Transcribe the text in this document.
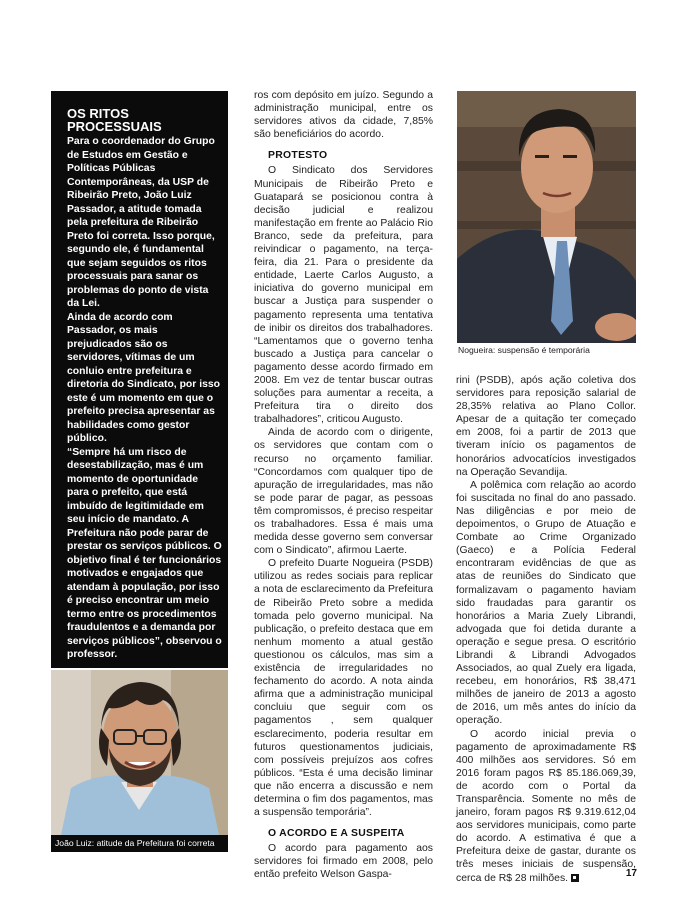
OS RITOS PROCESSUAIS

Para o coordenador do Grupo de Estudos em Gestão e Políticas Públicas Contemporâneas, da USP de Ribeirão Preto, João Luiz Passador, a atitude tomada pela prefeitura de Ribeirão Preto foi correta. Isso porque, segundo ele, é fundamental que sejam seguidos os ritos processuais para sanar os problemas do ponto de vista da Lei.

Ainda de acordo com Passador, os mais prejudicados são os servidores, vítimas de um conluio entre prefeitura e diretoria do Sindicato, por isso este é um momento em que o prefeito precisa apresentar as habilidades como gestor público.

“Sempre há um risco de desestabilização, mas é um momento de oportunidade para o prefeito, que está imbuído de legitimidade em seu início de mandato. A Prefeitura não pode parar de prestar os serviços públicos. O objetivo final é ter funcionários motivados e engajados que atendam à população, por isso é preciso encontrar um meio termo entre os procedimentos fraudulentos e a demanda por serviços públicos”, observou o professor.

João Luiz: atitude da Prefeitura foi correta

ros com depósito em juízo. Segundo a administração municipal, entre os servidores ativos da cidade, 7,85% são beneficiários do acordo.

PROTESTO

O Sindicato dos Servidores Municipais de Ribeirão Preto e Guatapará se posicionou contra à decisão judicial e realizou manifestação em frente ao Palácio Rio Branco, sede da prefeitura, para reivindicar o pagamento, na terça-feira, dia 21. Para o presidente da entidade, Laerte Carlos Augusto, a iniciativa do governo municipal em buscar a Justiça para suspender o pagamento representa uma tentativa de inibir os direitos dos trabalhadores. “Lamentamos que o governo tenha buscado a Justiça para cancelar o pagamento desse acordo firmado em 2008. Em vez de tentar buscar outras soluções para aumentar a receita, a Prefeitura tira o direito dos trabalhadores”, criticou Augusto.

Ainda de acordo com o dirigente, os servidores que contam com o recurso no orçamento familiar. “Concordamos com qualquer tipo de apuração de irregularidades, mas não se pode parar de pagar, as pessoas têm compromissos, é preciso respeitar os trabalhadores. Essa é mais uma medida desse governo sem conversar com o Sindicato”, afirmou Laerte.

O prefeito Duarte Nogueira (PSDB) utilizou as redes sociais para replicar a nota de esclarecimento da Prefeitura de Ribeirão Preto sobre a medida tomada pelo governo municipal. Na publicação, o prefeito destaca que em nenhum momento a atual gestão questionou os cálculos, mas sim a existência de irregularidades no fechamento do acordo. A nota ainda afirma que a administração municipal concluiu que seguir com os pagamentos , sem qualquer esclarecimento, poderia resultar em futuros questionamentos judiciais, com possíveis prejuízos aos cofres públicos. “Esta é uma decisão liminar que não encerra a discussão e nem determina o fim dos pagamentos, mas a suspensão temporária”.

O ACORDO E A SUSPEITA

O acordo para pagamento aos servidores foi firmado em 2008, pelo então prefeito Welson Gaspa-

Nogueira: suspensão é temporária

rini (PSDB), após ação coletiva dos servidores para reposição salarial de 28,35% relativa ao Plano Collor. Apesar de a quitação ter começado em 2008, foi a partir de 2013 que tiveram início os pagamentos de honorários advocatícios investigados na Operação Sevandija.

A polêmica com relação ao acordo foi suscitada no final do ano passado. Nas diligências e por meio de depoimentos, o Grupo de Atuação e Combate ao Crime Organizado (Gaeco) e a Polícia Federal encontraram evidências de que as atas de reuniões do Sindicato que formalizavam o pagamento haviam sido fraudadas para garantir os honorários a Maria Zuely Librandi, advogada que foi detida durante a operação e segue presa. O escritório Librandi & Librandi Advogados Associados, ao qual Zuely era ligada, recebeu, em honorários, R$ 38,471 milhões de janeiro de 2013 a agosto de 2016, um mês antes do início da operação.

O acordo inicial previa o pagamento de aproximadamente R$ 400 milhões aos servidores. Só em 2016 foram pagos R$ 85.186.069,39, de acordo com o Portal da Transparência. Somente no mês de janeiro, foram pagos R$ 9.319.612,04 aos servidores municipais, como parte do acordo. A estimativa é que a Prefeitura deixe de gastar, durante os três meses iniciais de suspensão, cerca de R$ 28 milhões.	17
